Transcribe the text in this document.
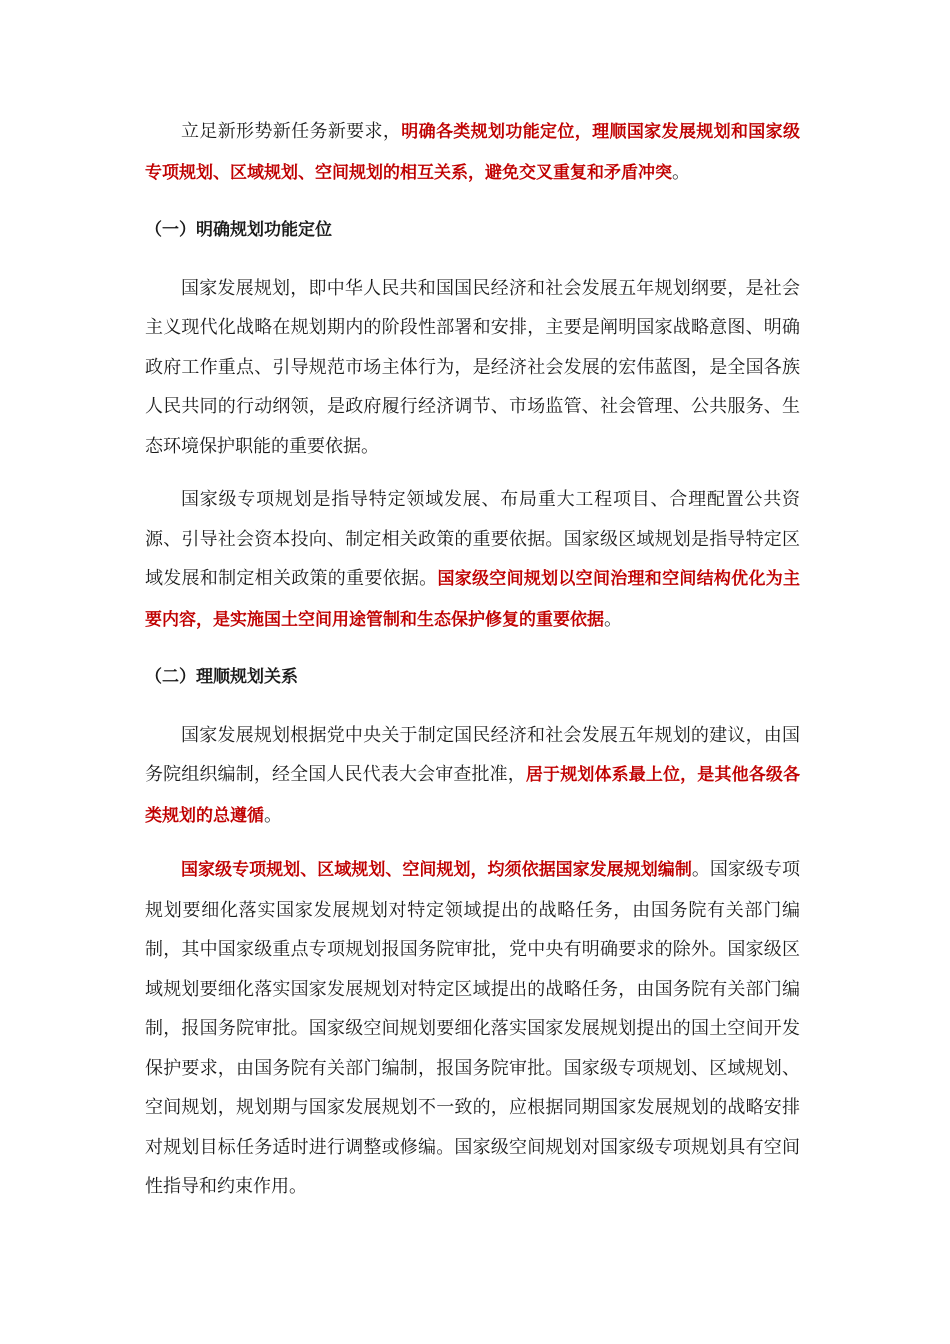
立足新形势新任务新要求，明确各类规划功能定位，理顺国家发展规划和国家级专项规划、区域规划、空间规划的相互关系，避免交叉重复和矛盾冲突。

（一）明确规划功能定位

国家发展规划，即中华人民共和国国民经济和社会发展五年规划纲要，是社会主义现代化战略在规划期内的阶段性部署和安排，主要是阐明国家战略意图、明确政府工作重点、引导规范市场主体行为，是经济社会发展的宏伟蓝图，是全国各族人民共同的行动纲领，是政府履行经济调节、市场监管、社会管理、公共服务、生态环境保护职能的重要依据。

国家级专项规划是指导特定领域发展、布局重大工程项目、合理配置公共资源、引导社会资本投向、制定相关政策的重要依据。国家级区域规划是指导特定区域发展和制定相关政策的重要依据。国家级空间规划以空间治理和空间结构优化为主要内容，是实施国土空间用途管制和生态保护修复的重要依据。

（二）理顺规划关系

国家发展规划根据党中央关于制定国民经济和社会发展五年规划的建议，由国务院组织编制，经全国人民代表大会审查批准，居于规划体系最上位，是其他各级各类规划的总遵循。

国家级专项规划、区域规划、空间规划，均须依据国家发展规划编制。国家级专项规划要细化落实国家发展规划对特定领域提出的战略任务，由国务院有关部门编制，其中国家级重点专项规划报国务院审批，党中央有明确要求的除外。国家级区域规划要细化落实国家发展规划对特定区域提出的战略任务，由国务院有关部门编制，报国务院审批。国家级空间规划要细化落实国家发展规划提出的国土空间开发保护要求，由国务院有关部门编制，报国务院审批。国家级专项规划、区域规划、空间规划，规划期与国家发展规划不一致的，应根据同期国家发展规划的战略安排对规划目标任务适时进行调整或修编。国家级空间规划对国家级专项规划具有空间性指导和约束作用。
